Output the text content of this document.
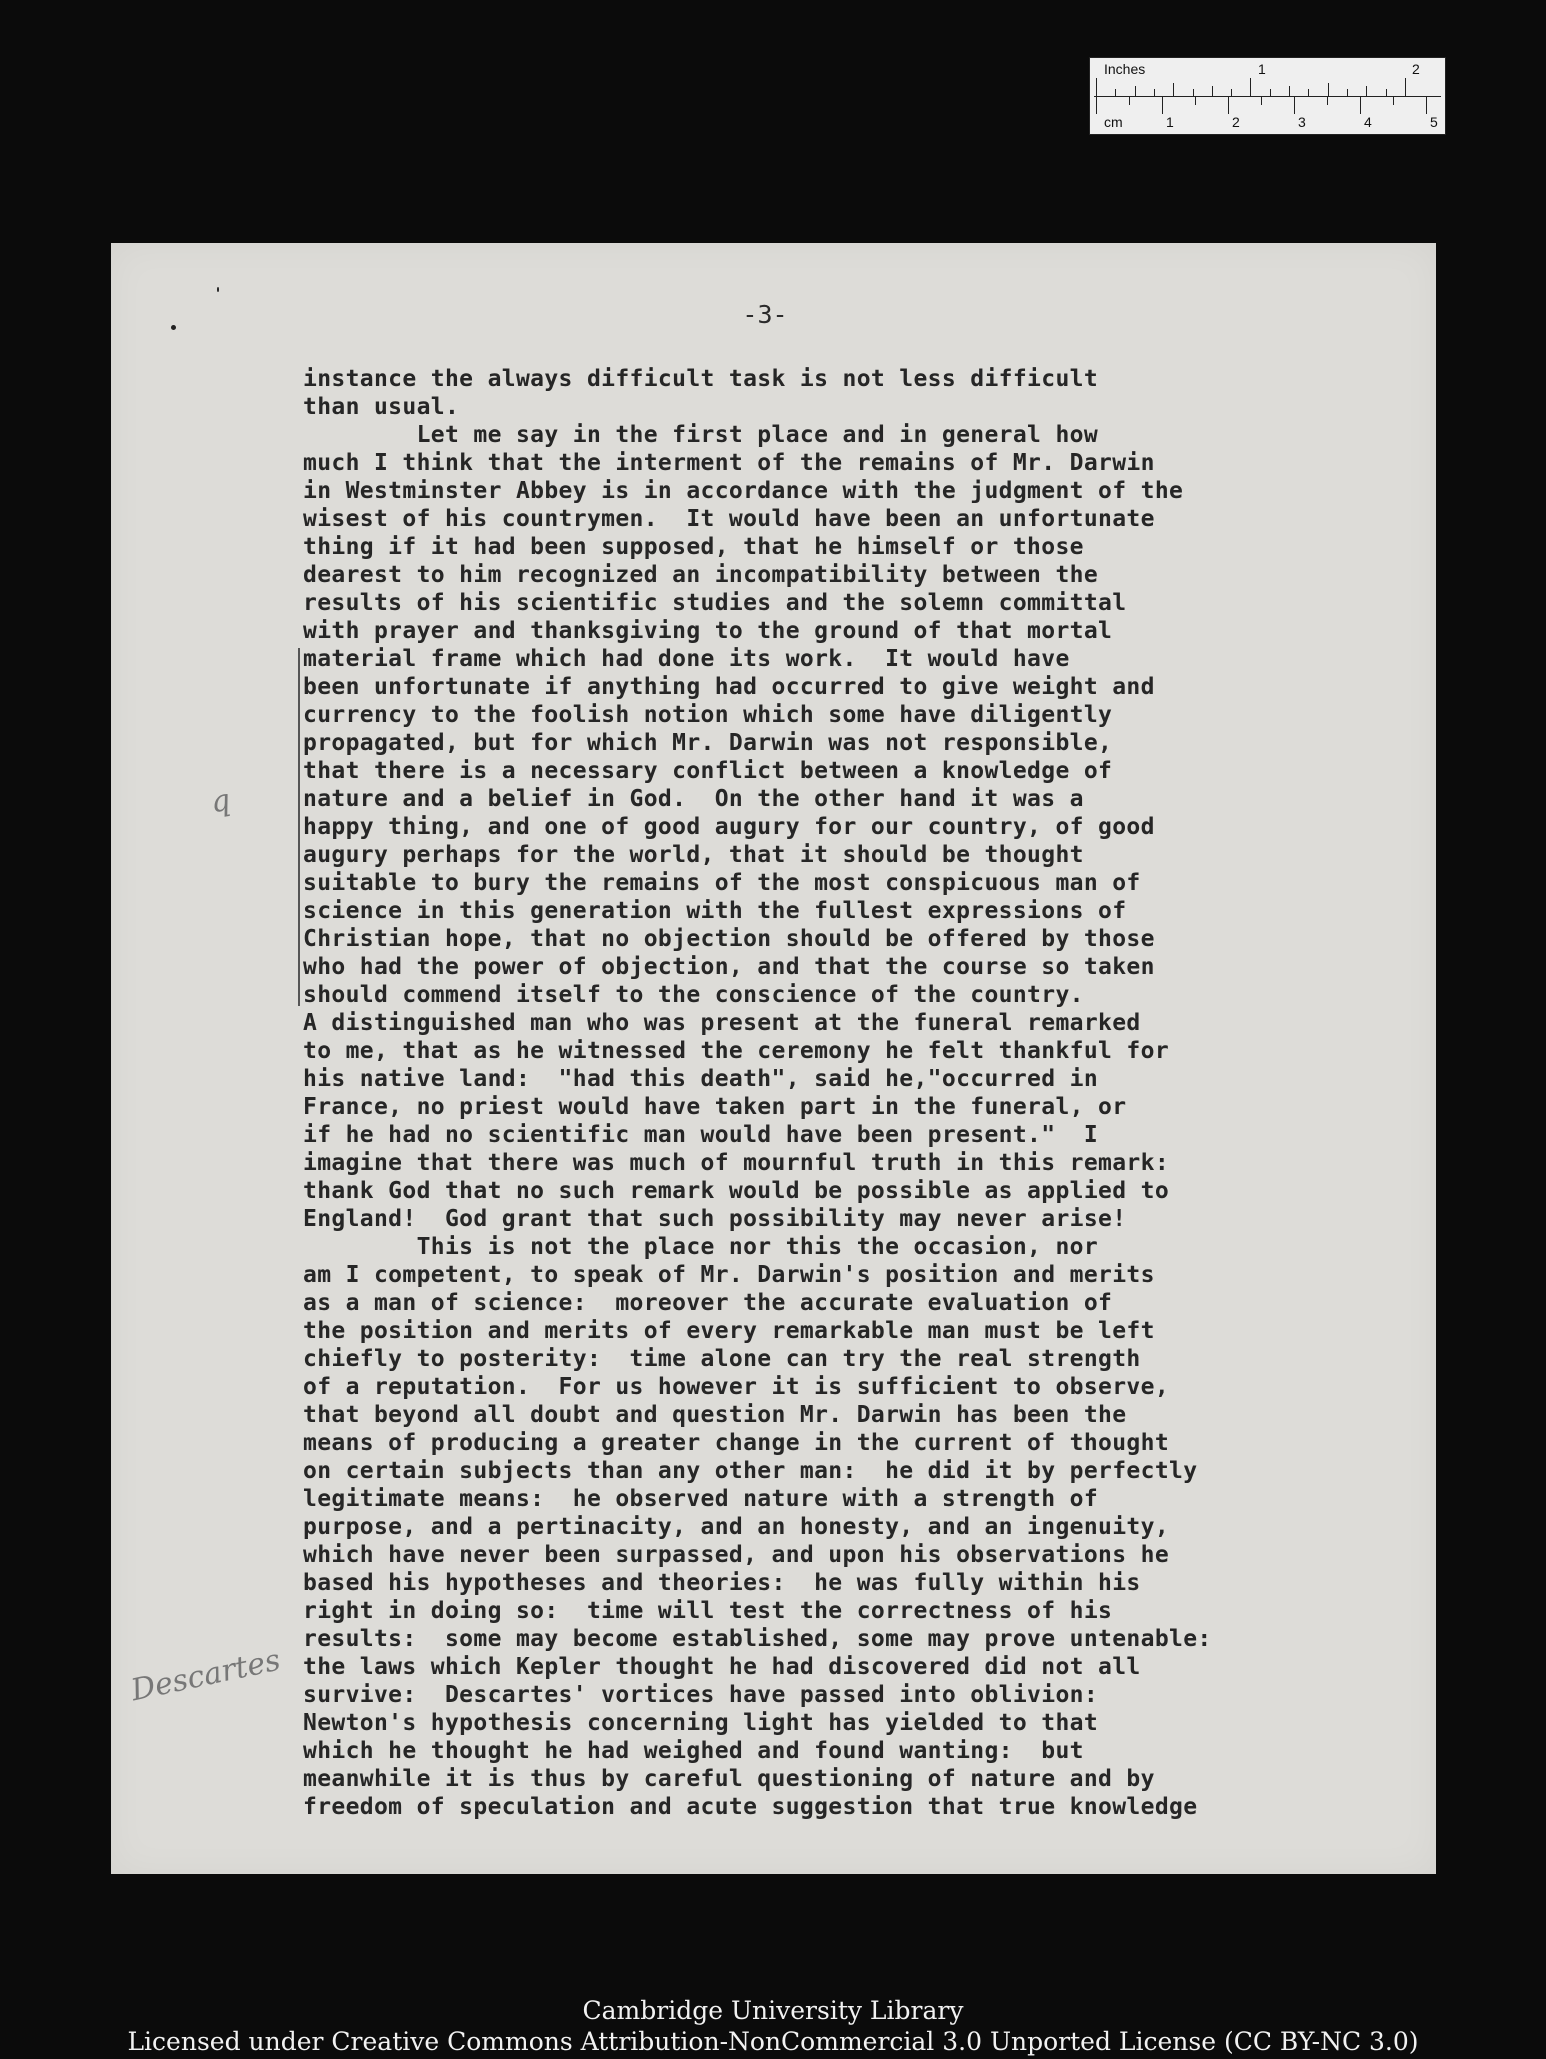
Inches	1	2
cm	1	2	3	4	5
-3-
q
Descartes
instance the always difficult task is not less difficult
than usual.
Let me say in the first place and in general how
much I think that the interment of the remains of Mr. Darwin
in Westminster Abbey is in accordance with the judgment of the
wisest of his countrymen.  It would have been an unfortunate
thing if it had been supposed, that he himself or those
dearest to him recognized an incompatibility between the
results of his scientific studies and the solemn committal
with prayer and thanksgiving to the ground of that mortal
material frame which had done its work.  It would have
been unfortunate if anything had occurred to give weight and
currency to the foolish notion which some have diligently
propagated, but for which Mr. Darwin was not responsible,
that there is a necessary conflict between a knowledge of
nature and a belief in God.  On the other hand it was a
happy thing, and one of good augury for our country, of good
augury perhaps for the world, that it should be thought
suitable to bury the remains of the most conspicuous man of
science in this generation with the fullest expressions of
Christian hope, that no objection should be offered by those
who had the power of objection, and that the course so taken
should commend itself to the conscience of the country.
A distinguished man who was present at the funeral remarked
to me, that as he witnessed the ceremony he felt thankful for
his native land:  "had this death", said he,"occurred in
France, no priest would have taken part in the funeral, or
if he had no scientific man would have been present."  I
imagine that there was much of mournful truth in this remark:
thank God that no such remark would be possible as applied to
England!  God grant that such possibility may never arise!
This is not the place nor this the occasion, nor
am I competent, to speak of Mr. Darwin's position and merits
as a man of science:  moreover the accurate evaluation of
the position and merits of every remarkable man must be left
chiefly to posterity:  time alone can try the real strength
of a reputation.  For us however it is sufficient to observe,
that beyond all doubt and question Mr. Darwin has been the
means of producing a greater change in the current of thought
on certain subjects than any other man:  he did it by perfectly
legitimate means:  he observed nature with a strength of
purpose, and a pertinacity, and an honesty, and an ingenuity,
which have never been surpassed, and upon his observations he
based his hypotheses and theories:  he was fully within his
right in doing so:  time will test the correctness of his
results:  some may become established, some may prove untenable:
the laws which Kepler thought he had discovered did not all
survive:  Descartes' vortices have passed into oblivion:
Newton's hypothesis concerning light has yielded to that
which he thought he had weighed and found wanting:  but
meanwhile it is thus by careful questioning of nature and by
freedom of speculation and acute suggestion that true knowledge
Cambridge University Library
Licensed under Creative Commons Attribution-NonCommercial 3.0 Unported License (CC BY-NC 3.0)
